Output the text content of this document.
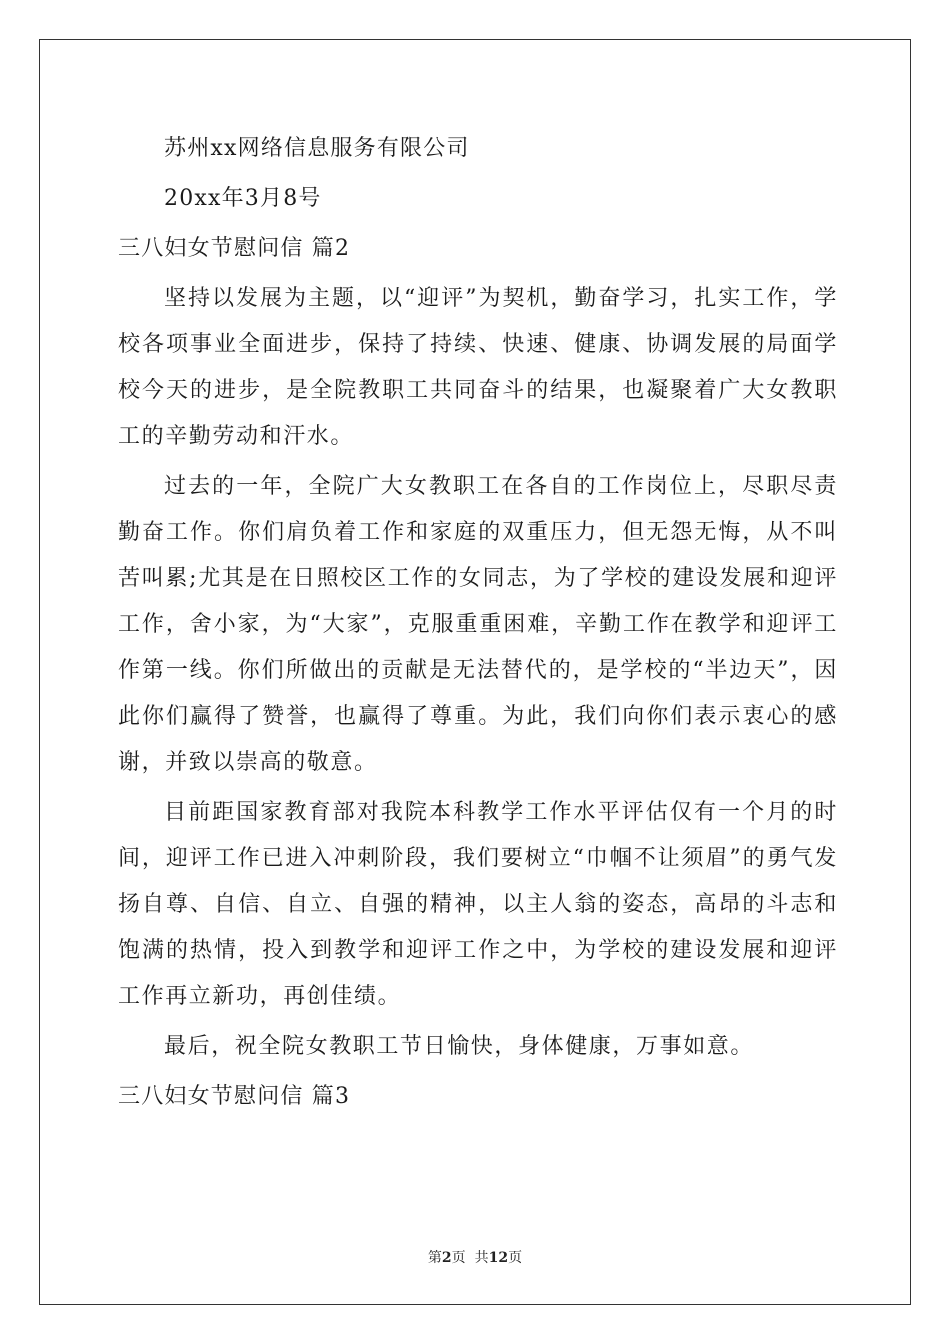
苏州xx网络信息服务有限公司

20xx年3月8号

三八妇女节慰问信 篇2

坚持以发展为主题，以“迎评”为契机，勤奋学习，扎实工作，学校各项事业全面进步，保持了持续、快速、健康、协调发展的局面学校今天的进步，是全院教职工共同奋斗的结果，也凝聚着广大女教职工的辛勤劳动和汗水。

过去的一年，全院广大女教职工在各自的工作岗位上，尽职尽责勤奋工作。你们肩负着工作和家庭的双重压力，但无怨无悔，从不叫苦叫累;尤其是在日照校区工作的女同志，为了学校的建设发展和迎评工作，舍小家，为“大家”，克服重重困难，辛勤工作在教学和迎评工作第一线。你们所做出的贡献是无法替代的，是学校的“半边天”，因此你们赢得了赞誉，也赢得了尊重。为此，我们向你们表示衷心的感谢，并致以崇高的敬意。

目前距国家教育部对我院本科教学工作水平评估仅有一个月的时间，迎评工作已进入冲刺阶段，我们要树立“巾帼不让须眉”的勇气发扬自尊、自信、自立、自强的精神，以主人翁的姿态，高昂的斗志和饱满的热情，投入到教学和迎评工作之中，为学校的建设发展和迎评工作再立新功，再创佳绩。

最后，祝全院女教职工节日愉快，身体健康，万事如意。

三八妇女节慰问信 篇3

第2页  共12页
